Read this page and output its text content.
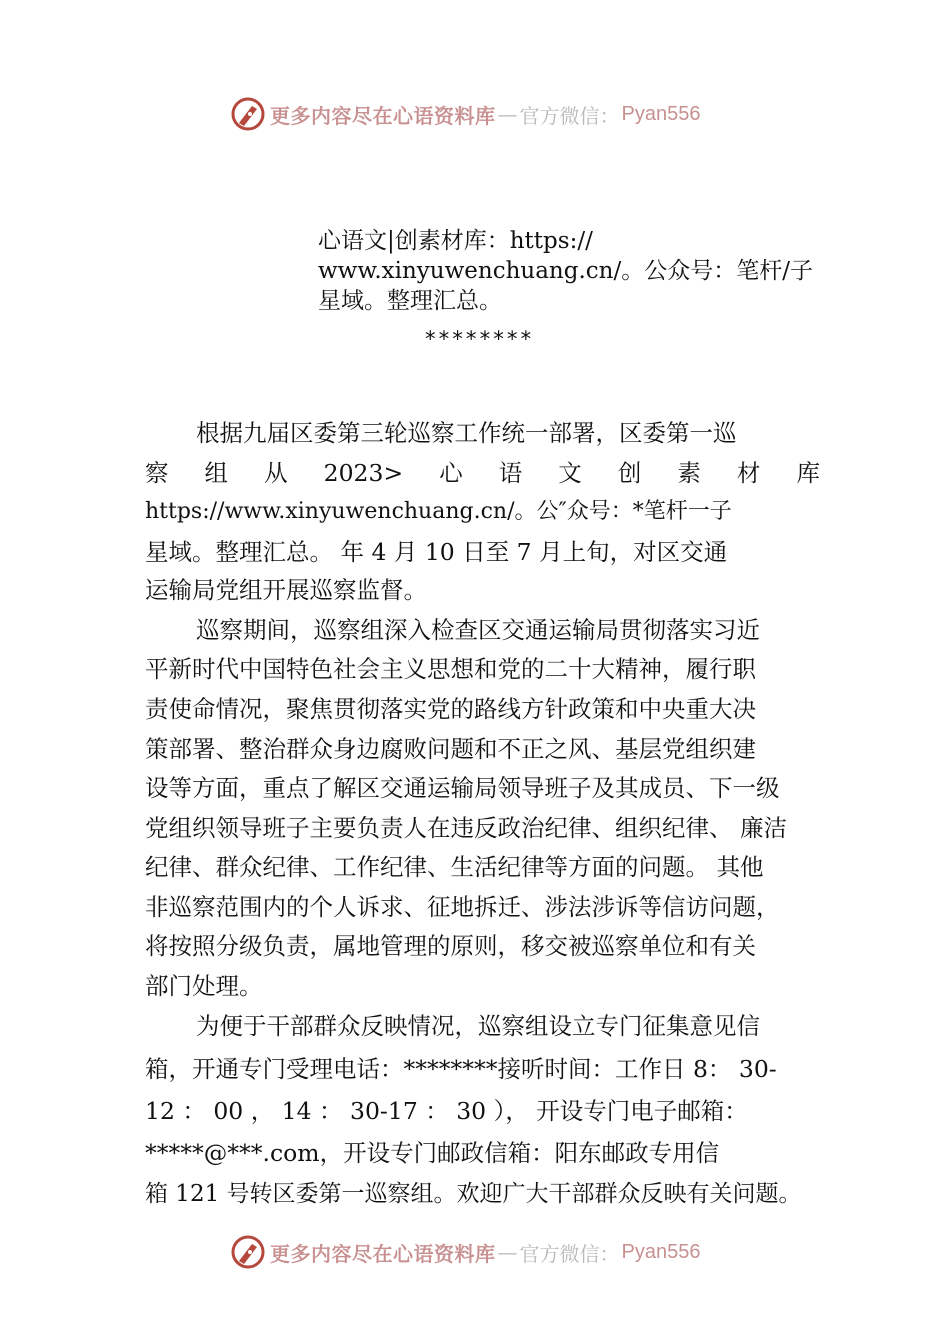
更多内容尽在心语资料库 — 官方微信： Pyan556
心语文|创素材库：https://
www.xinyuwenchuang.cn/。公众号：笔杆/子
星域。整理汇总。
********
根据九届区委第三轮巡察工作统一部署，区委第一巡
察 组 从 2023> 心 语 文 创 素 材 库
https://www.xinyuwenchuang.cn/。公″众号：*笔杆一子
星域。整理汇总。 年 4 月 10 日至 7 月上旬，对区交通
运输局党组开展巡察监督。
巡察期间，巡察组深入检查区交通运输局贯彻落实习近
平新时代中国特色社会主义思想和党的二十大精神，履行职
责使命情况，聚焦贯彻落实党的路线方针政策和中央重大决
策部署、整治群众身边腐败问题和不正之风、基层党组织建
设等方面，重点了解区交通运输局领导班子及其成员、下一级
党组织领导班子主要负责人在违反政治纪律、组织纪律、 廉洁
纪律、群众纪律、工作纪律、生活纪律等方面的问题。 其他
非巡察范围内的个人诉求、征地拆迁、涉法涉诉等信访问题，
将按照分级负责，属地管理的原则，移交被巡察单位和有关
部门处理。
为便于干部群众反映情况，巡察组设立专门征集意见信
箱，开通专门受理电话：********接听时间：工作日 8： 30-
12 ： 00 ， 14 ： 30-17 ： 30 ）， 开设专门电子邮箱：
*****@***.com，开设专门邮政信箱：阳东邮政专用信
箱 121 号转区委第一巡察组。欢迎广大干部群众反映有关问题。
更多内容尽在心语资料库 — 官方微信： Pyan556
